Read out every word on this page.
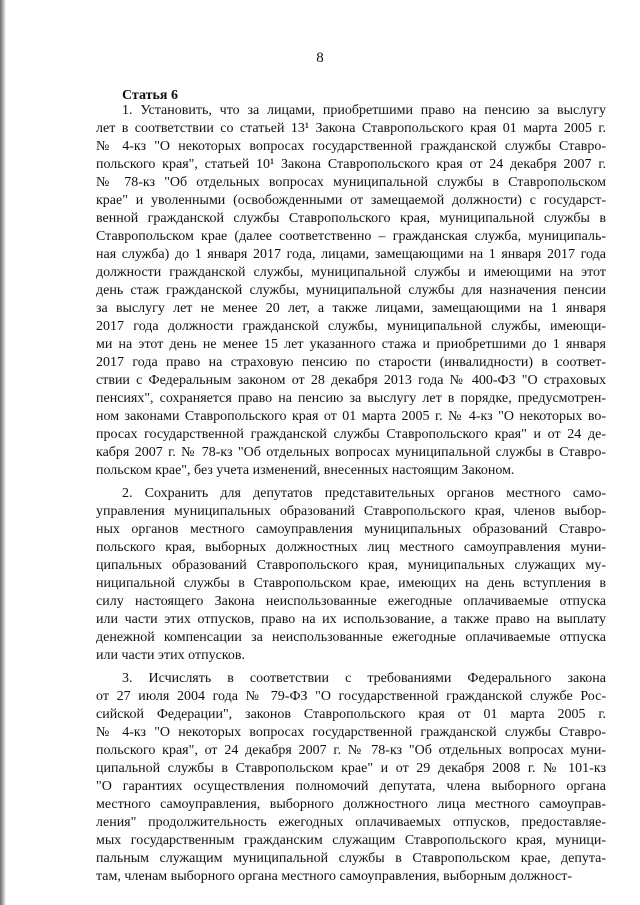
8
Статья 6
1. Установить, что за лицами, приобретшими право на пенсию за выслугу
лет в соответствии со статьей 13¹ Закона Ставропольского края 01 марта 2005 г.
№ 4-кз "О некоторых вопросах государственной гражданской службы Ставро-
польского края", статьей 10¹ Закона Ставропольского края от 24 декабря 2007 г.
№ 78-кз "Об отдельных вопросах муниципальной службы в Ставропольском
крае" и уволенными (освобожденными от замещаемой должности) с государст-
венной гражданской службы Ставропольского края, муниципальной службы в
Ставропольском крае (далее соответственно – гражданская служба, муниципаль-
ная служба) до 1 января 2017 года, лицами, замещающими на 1 января 2017 года
должности гражданской службы, муниципальной службы и имеющими на этот
день стаж гражданской службы, муниципальной службы для назначения пенсии
за выслугу лет не менее 20 лет, а также лицами, замещающими на 1 января
2017 года должности гражданской службы, муниципальной службы, имеющи-
ми на этот день не менее 15 лет указанного стажа и приобретшими до 1 января
2017 года право на страховую пенсию по старости (инвалидности) в соответ-
ствии с Федеральным законом от 28 декабря 2013 года № 400-ФЗ "О страховых
пенсиях", сохраняется право на пенсию за выслугу лет в порядке, предусмотрен-
ном законами Ставропольского края от 01 марта 2005 г. № 4-кз "О некоторых во-
просах государственной гражданской службы Ставропольского края" и от 24 де-
кабря 2007 г. № 78-кз "Об отдельных вопросах муниципальной службы в Ставро-
польском крае", без учета изменений, внесенных настоящим Законом.
2. Сохранить для депутатов представительных органов местного само-
управления муниципальных образований Ставропольского края, членов выбор-
ных органов местного самоуправления муниципальных образований Ставро-
польского края, выборных должностных лиц местного самоуправления муни-
ципальных образований Ставропольского края, муниципальных служащих му-
ниципальной службы в Ставропольском крае, имеющих на день вступления в
силу настоящего Закона неиспользованные ежегодные оплачиваемые отпуска
или части этих отпусков, право на их использование, а также право на выплату
денежной компенсации за неиспользованные ежегодные оплачиваемые отпуска
или части этих отпусков.
3. Исчислять в соответствии с требованиями Федерального закона
от 27 июля 2004 года № 79-ФЗ "О государственной гражданской службе Рос-
сийской Федерации", законов Ставропольского края от 01 марта 2005 г.
№ 4-кз "О некоторых вопросах государственной гражданской службы Ставро-
польского края", от 24 декабря 2007 г. № 78-кз "Об отдельных вопросах муни-
ципальной службы в Ставропольском крае" и от 29 декабря 2008 г. № 101-кз
"О гарантиях осуществления полномочий депутата, члена выборного органа
местного самоуправления, выборного должностного лица местного самоуправ-
ления" продолжительность ежегодных оплачиваемых отпусков, предоставляе-
мых государственным гражданским служащим Ставропольского края, муници-
пальным служащим муниципальной службы в Ставропольском крае, депута-
там, членам выборного органа местного самоуправления, выборным должност-
